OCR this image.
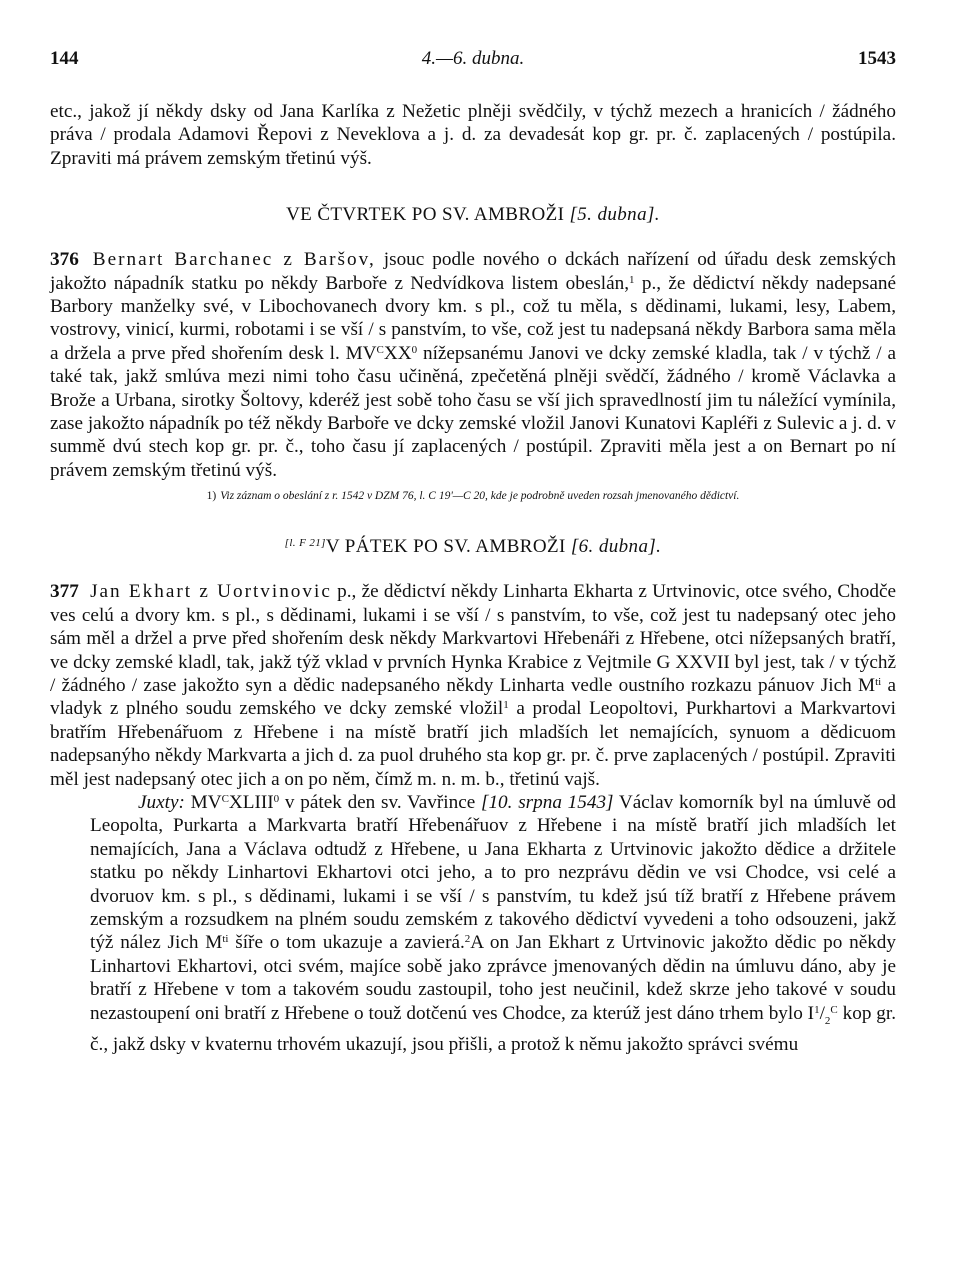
144	4.—6. dubna.	1543

etc., jakož jí někdy dsky od Jana Karlíka z Nežetic plněji svědčily, v týchž mezech a hranicích / žádného práva / prodala Adamovi Řepovi z Neveklova a j. d. za devadesát kop gr. pr. č. zaplacených / postúpila. Zpraviti má právem zemským třetinú výš.

VE ČTVRTEK PO SV. AMBROŽI [5. dubna].

376 Bernart Barchanec z Baršov, jsouc podle nového o dckách nařízení od úřadu desk zemských jakožto nápadník statku po někdy Barboře z Nedvídkova listem obeslán,$^1$ p., že dědictví někdy nadepsané Barbory manželky své, v Libochovanech dvory km. s pl., což tu měla, s dědinami, lukami, lesy, Labem, vostrovy, vinicí, kurmi, robotami i se vší / s panstvím, to vše, což jest tu nadepsaná někdy Barbora sama měla a držela a prve před shořením desk l. $MV^CXX^0$ níže​psanému Janovi ve dcky zemské kladla, tak / v týchž / a také tak, jakž smlúva mezi nimi toho času učiněná, zpečetěná plněji svědčí, žádného / kromě Václavka a Brože a Urbana, sirotky Šoltovy, kderéž jest sobě toho času se vší jich spravedlností jim tu náležící vymínila, zase jakožto nápadník po též někdy Barboře ve dcky zemské vložil Janovi Kunatovi Kapléři z Sulevic a j. d. v summě dvú stech kop gr. pr. č., toho času jí zaplacených / postúpil. Zpraviti měla jest a on Bernart po ní právem zemským třetinú výš.

1) Viz záznam o obeslání z r. 1542 v DZM 76, l. C 19'—C 20, kde je podrobně uveden rozsah jmenovaného dědictví.

[l. F 21]V PÁTEK PO SV. AMBROŽI [6. dubna].

377 Jan Ekhart z Uortvinovic p., že dědictví někdy Linharta Ekharta z Urtvinovic, otce svého, Chodče ves celú a dvory km. s pl., s dědinami, lukami i se vší / s panstvím, to vše, což jest tu nadepsaný otec jeho sám měl a držel a prve před shořením desk někdy Markvartovi Hřebenáři z Hřebene, otci níže​psaných bratří, ve dcky zemské kladl, tak, jakž týž vklad v prvních Hynka Krabice z Vejtmile G XXVII byl jest, tak / v týchž / žádného / zase jakožto syn a dědic nadepsaného někdy Linharta vedle oustního rozkazu pánuov Jich $M^{ti}$ a vladyk z plného soudu zemského ve dcky zemské vložil$^1$ a prodal Leopoltovi, Purkhartovi a Markvartovi bratřím Hřebenářuom z Hřebene i na místě bratří jich mladších let nemajících, synuom a dědicuom nadepsanýho někdy Markvarta a jich d. za puol druhého sta kop gr. pr. č. prve zaplacených / postúpil. Zpraviti měl jest nadepsaný otec jich a on po něm, čímž m. n. m. b., třetinú vajš.

Juxty: $MV^CXLIII^0$ v pátek den sv. Vavřince [10. srpna 1543] Václav komorník byl na úmluvě od Leopolta, Purkarta a Markvarta bratří Hřebenářuov z Hřebene i na místě bratří jich mladších let nemajících, Jana a Václava odtudž z Hřebene, u Jana Ekharta z Urtvinovic jakožto dědice a držitele statku po někdy Linhartovi Ekhartovi otci jeho, a to pro nezprávu dědin ve vsi Chodce, vsi celé a dvoruov km. s pl., s dědinami, lukami i se vší / s panstvím, tu kdež jsú tíž bratří z Hřebene právem zemským a rozsudkem na plném soudu zemském z takového dědictví vyvedeni a toho odsouzeni, jakž týž nález Jich $M^{ti}$ šíře o tom ukazuje a zavierá.$^2$A on Jan Ekhart z Urtvinovic jakožto dědic po někdy Linhartovi Ekhartovi, otci svém, majíce sobě jako zprávce jmenovaných dědin na úmluvu dáno, aby je bratří z Hřebene v tom a takovém soudu zastoupil, toho jest neučinil, kdež skrze jeho takové v soudu nezastoupení oni bratří z Hřebene o touž dotčenú ves Chodce, za kterúž jest dáno trhem bylo $I^1/_2^C$ kop gr. č., jakž dsky v kvaternu trhovém ukazují, jsou přišli, a protož k němu jakožto správci svému
